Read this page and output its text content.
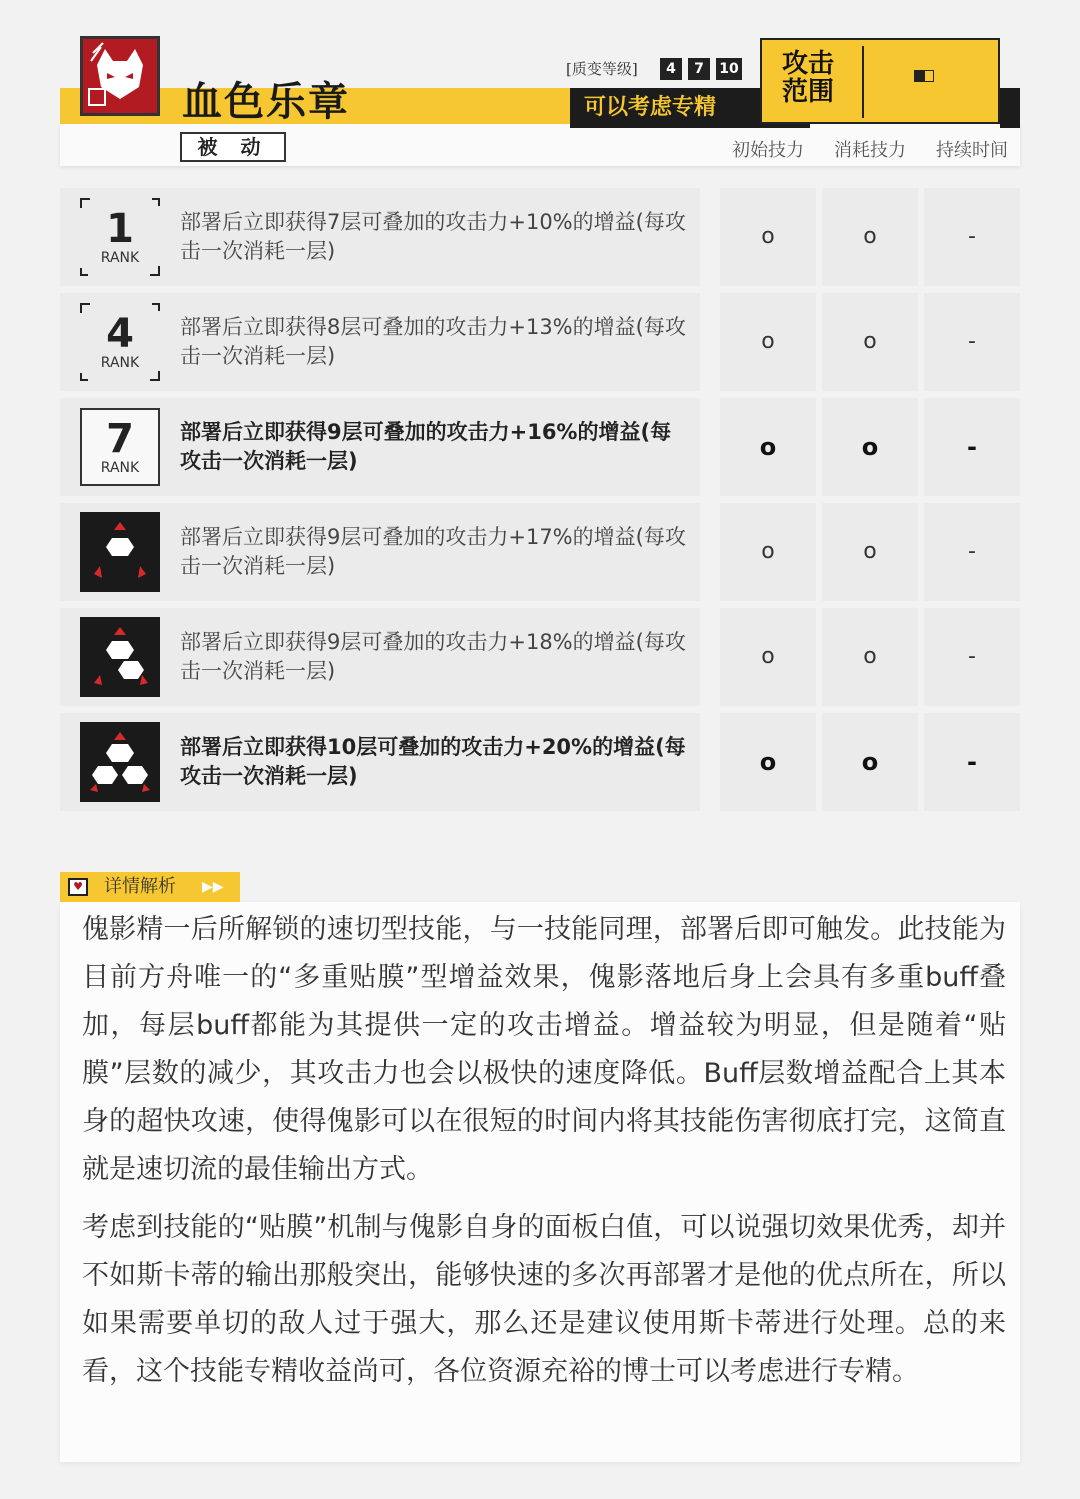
血色乐章
被 动
[质变等级]	4	7	10
可以考虑专精
攻击范围
初始技力	消耗技力	持续时间
1
RANK
部署后立即获得7层可叠加的攻击力+10%的增益(每攻击一次消耗一层)
o	o	-
4
RANK
部署后立即获得8层可叠加的攻击力+13%的增益(每攻击一次消耗一层)
o	o	-
7
RANK
部署后立即获得9层可叠加的攻击力+16%的增益(每攻击一次消耗一层)	o	o	-
部署后立即获得9层可叠加的攻击力+17%的增益(每攻击一次消耗一层)
o	o	-
部署后立即获得9层可叠加的攻击力+18%的增益(每攻击一次消耗一层)
o	o	-
部署后立即获得10层可叠加的攻击力+20%的增益(每攻击一次消耗一层)	o	o	-
傀影精一后所解锁的速切型技能，与一技能同理，部署后即可触发。此技能为目前方舟唯一的“多重贴膜”型增益效果，傀影落地后身上会具有多重buff叠加，每层buff都能为其提供一定的攻击增益。增益较为明显，但是随着“贴膜”层数的减少，其攻击力也会以极快的速度降低。Buff层数增益配合上其本身的超快攻速，使得傀影可以在很短的时间内将其技能伤害彻底打完，这简直就是速切流的最佳输出方式。
考虑到技能的“贴膜”机制与傀影自身的面板白值，可以说强切效果优秀，却并不如斯卡蒂的输出那般突出，能够快速的多次再部署才是他的优点所在，所以如果需要单切的敌人过于强大，那么还是建议使用斯卡蒂进行处理。总的来看，这个技能专精收益尚可，各位资源充裕的博士可以考虑进行专精。
♥ 详情解析 ▶▶
